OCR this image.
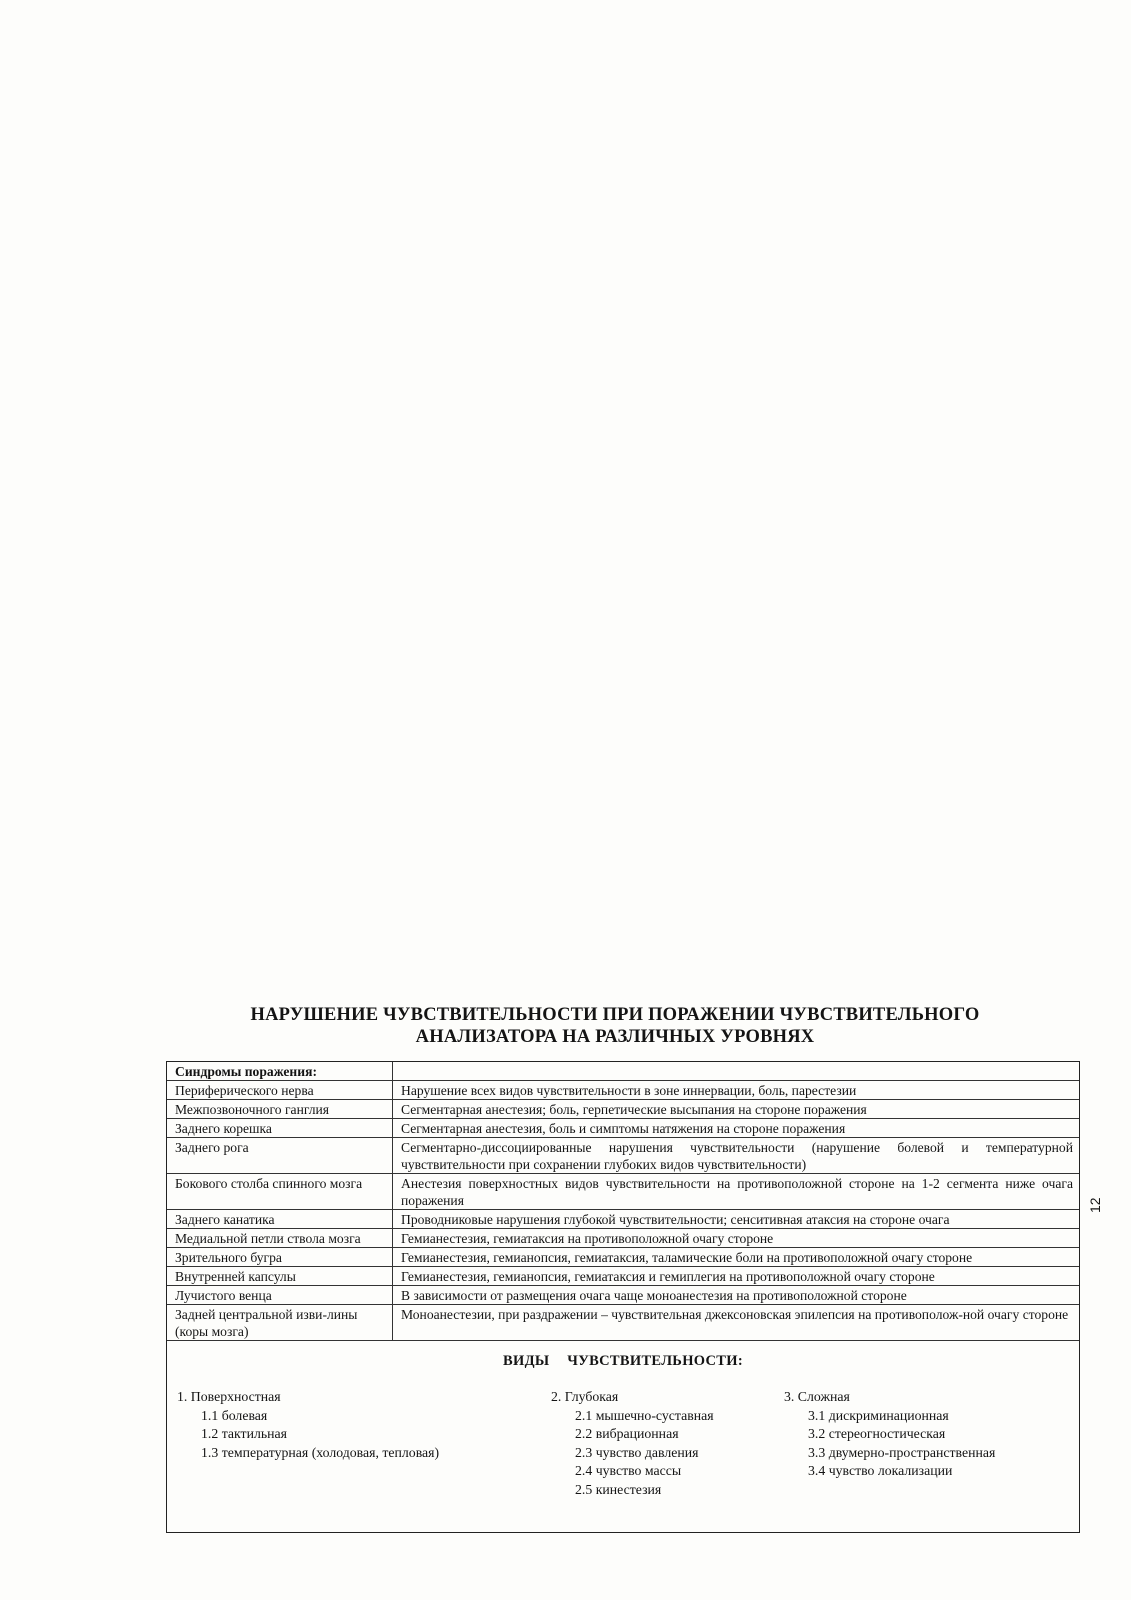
НАРУШЕНИЕ ЧУВСТВИТЕЛЬНОСТИ ПРИ ПОРАЖЕНИИ ЧУВСТВИТЕЛЬНОГО
АНАЛИЗАТОРА НА РАЗЛИЧНЫХ УРОВНЯХ
Синдромы поражения:	
Периферического нерва	Нарушение всех видов чувствительности в зоне иннервации, боль, парестезии
Межпозвоночного ганглия	Сегментарная анестезия; боль, герпетические высыпания на стороне поражения
Заднего корешка	Сегментарная анестезия, боль и симптомы натяжения на стороне поражения
Заднего рога	Сегментарно-диссоциированные нарушения чувствительности (нарушение болевой и температурной чувствительности при сохранении глубоких видов чувствительности)
Бокового столба спинного мозга	Анестезия поверхностных видов чувствительности на противоположной стороне на 1-2 сегмента ниже очага поражения
Заднего канатика	Проводниковые нарушения глубокой чувствительности; сенситивная атаксия на стороне очага
Медиальной петли ствола мозга	Гемианестезия, гемиатаксия на противоположной очагу стороне
Зрительного бугра	Гемианестезия, гемианопсия, гемиатаксия, таламические боли на противоположной очагу стороне
Внутренней капсулы	Гемианестезия, гемианопсия, гемиатаксия и гемиплегия на противоположной очагу стороне
Лучистого венца	В зависимости от размещения очага чаще моноанестезия на противоположной стороне
Задней центральной изви-лины (коры мозга)	Моноанестезии, при раздражении – чувствительная джексоновская эпилепсия на противополож-ной очагу стороне
ВИДЫ ЧУВСТВИТЕЛЬНОСТИ:
1. Поверхностная
1.1 болевая
1.2 тактильная
1.3 температурная (холодовая, тепловая)
2. Глубокая
2.1 мышечно-суставная
2.2 вибрационная
2.3 чувство давления
2.4 чувство массы
2.5 кинестезия
3. Сложная
3.1 дискриминационная
3.2 стереогностическая
3.3 двумерно-пространственная
3.4 чувство локализации
12
